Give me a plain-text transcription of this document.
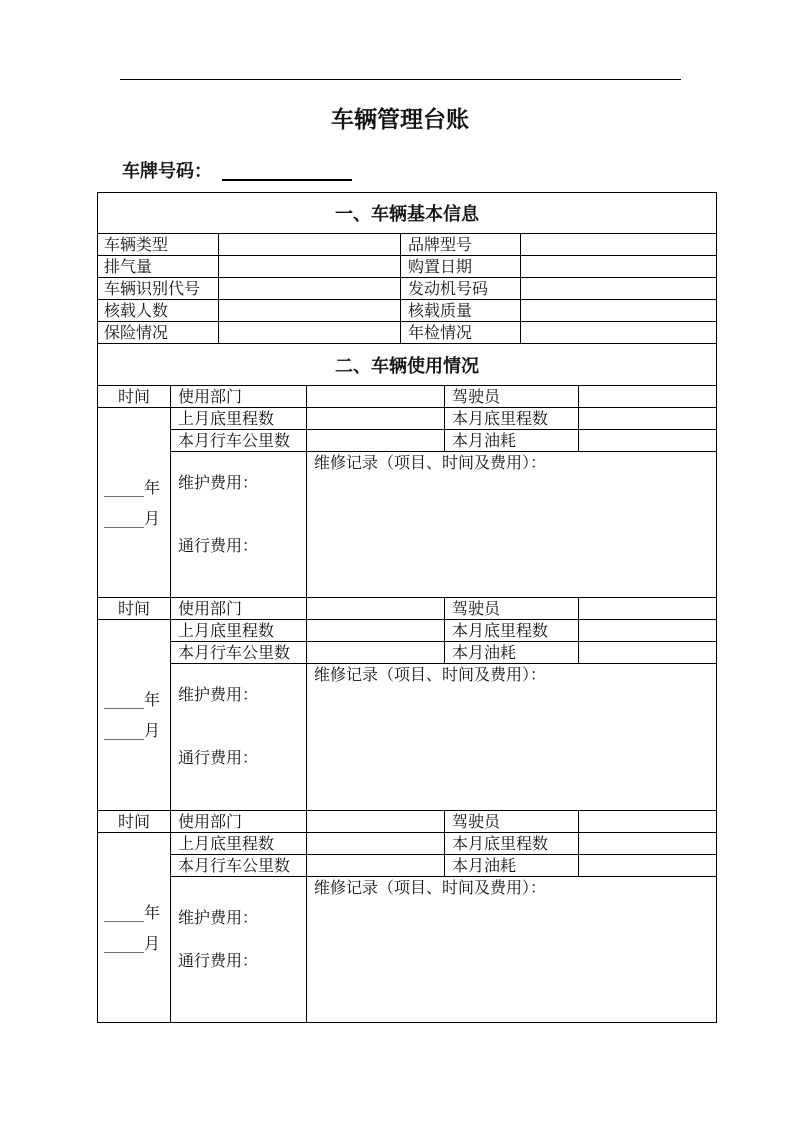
车辆管理台账
车牌号码：
一、车辆基本信息
车辆类型	品牌型号
排气量	购置日期
车辆识别代号	发动机号码
核载人数	核载质量
保险情况	年检情况
二、车辆使用情况
时间	使用部门	驾驶员
_____年
_____月
上月底里程数	本月底里程数
本月行车公里数	本月油耗
维护费用：
通行费用：
维修记录（项目、时间及费用）：
时间	使用部门	驾驶员
_____年
_____月
上月底里程数	本月底里程数
本月行车公里数	本月油耗
维护费用：
通行费用：
维修记录（项目、时间及费用）：
时间	使用部门	驾驶员
_____年
_____月
上月底里程数	本月底里程数
本月行车公里数	本月油耗
维护费用：
通行费用：
维修记录（项目、时间及费用）：
